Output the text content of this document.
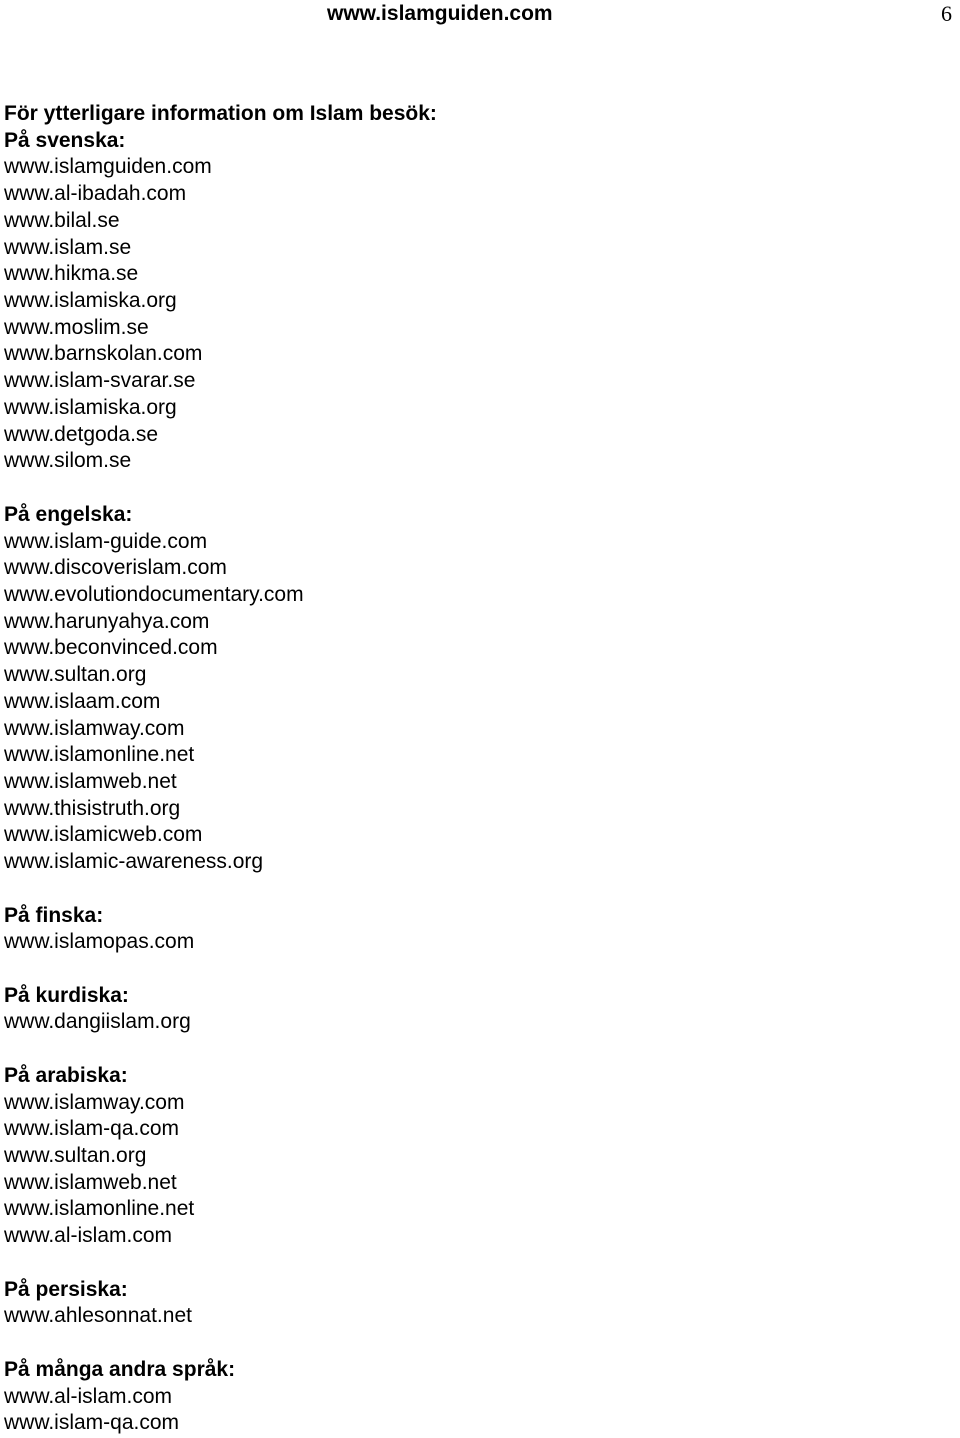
www.islamguiden.com	6
För ytterligare information om Islam besök:
På svenska:
www.islamguiden.com
www.al-ibadah.com
www.bilal.se
www.islam.se
www.hikma.se
www.islamiska.org
www.moslim.se
www.barnskolan.com
www.islam-svarar.se
www.islamiska.org
www.detgoda.se
www.silom.se
På engelska:
www.islam-guide.com
www.discoverislam.com
www.evolutiondocumentary.com
www.harunyahya.com
www.beconvinced.com
www.sultan.org
www.islaam.com
www.islamway.com
www.islamonline.net
www.islamweb.net
www.thisistruth.org
www.islamicweb.com
www.islamic-awareness.org
På finska:
www.islamopas.com
På kurdiska:
www.dangiislam.org
På arabiska:
www.islamway.com
www.islam-qa.com
www.sultan.org
www.islamweb.net
www.islamonline.net
www.al-islam.com
På persiska:
www.ahlesonnat.net
På många andra språk:
www.al-islam.com
www.islam-qa.com
